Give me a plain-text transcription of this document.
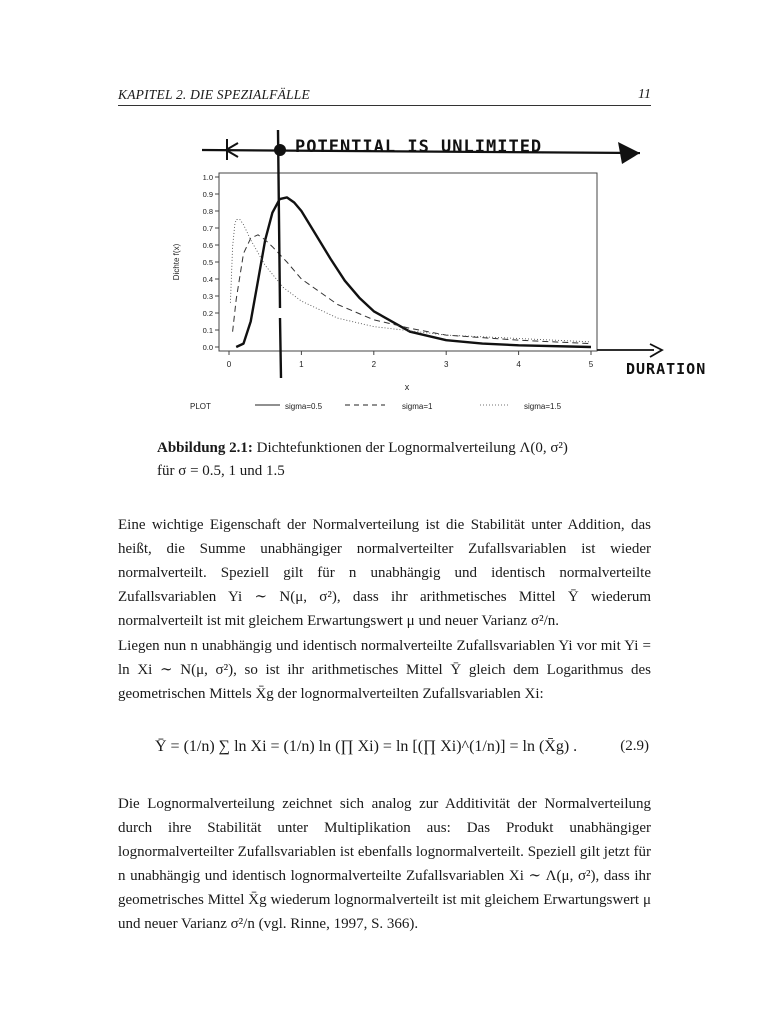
KAPITEL 2. DIE SPEZIALFÄLLE	11
0.0
0.1
0.2
0.3
0.4
0.5
0.6
0.7
0.8
0.9
1.0
0	1	2	3	4	5
Dichte f(x)
x
POTENTIAL IS UNLIMITED
DURATION
PLOT	sigma=0.5	sigma=1	sigma=1.5
Abbildung 2.1: Dichtefunktionen der Lognormalverteilung Λ(0, σ²)
für σ = 0.5, 1 und 1.5
Eine wichtige Eigenschaft der Normalverteilung ist die Stabilität unter Addition, das heißt, die Summe unabhängiger normalverteilter Zufallsvariablen ist wieder normalverteilt. Speziell gilt für n unabhängig und identisch normalverteilte Zufallsvariablen Yi ∼ N(μ, σ²), dass ihr arithmetisches Mittel Ȳ wiederum normalverteilt ist mit gleichem Erwartungswert μ und neuer Varianz σ²/n.
Liegen nun n unabhängig und identisch normalverteilte Zufallsvariablen Yi vor mit Yi = ln Xi ∼ N(μ, σ²), so ist ihr arithmetisches Mittel Ȳ gleich dem Logarithmus des geometrischen Mittels X̄g der lognormalverteilten Zufallsvariablen Xi:
Ȳ = (1/n) ∑ ln Xi = (1/n) ln (∏ Xi) = ln [(∏ Xi)^(1/n)] = ln (X̄g) .	(2.9)
Die Lognormalverteilung zeichnet sich analog zur Additivität der Normalverteilung durch ihre Stabilität unter Multiplikation aus: Das Produkt unabhängiger lognormalverteilter Zufallsvariablen ist ebenfalls lognormalverteilt. Speziell gilt jetzt für n unabhängig und identisch lognormalverteilte Zufallsvariablen Xi ∼ Λ(μ, σ²), dass ihr geometrisches Mittel X̄g wiederum lognormalverteilt ist mit gleichem Erwartungswert μ und neuer Varianz σ²/n (vgl. Rinne, 1997, S. 366).
